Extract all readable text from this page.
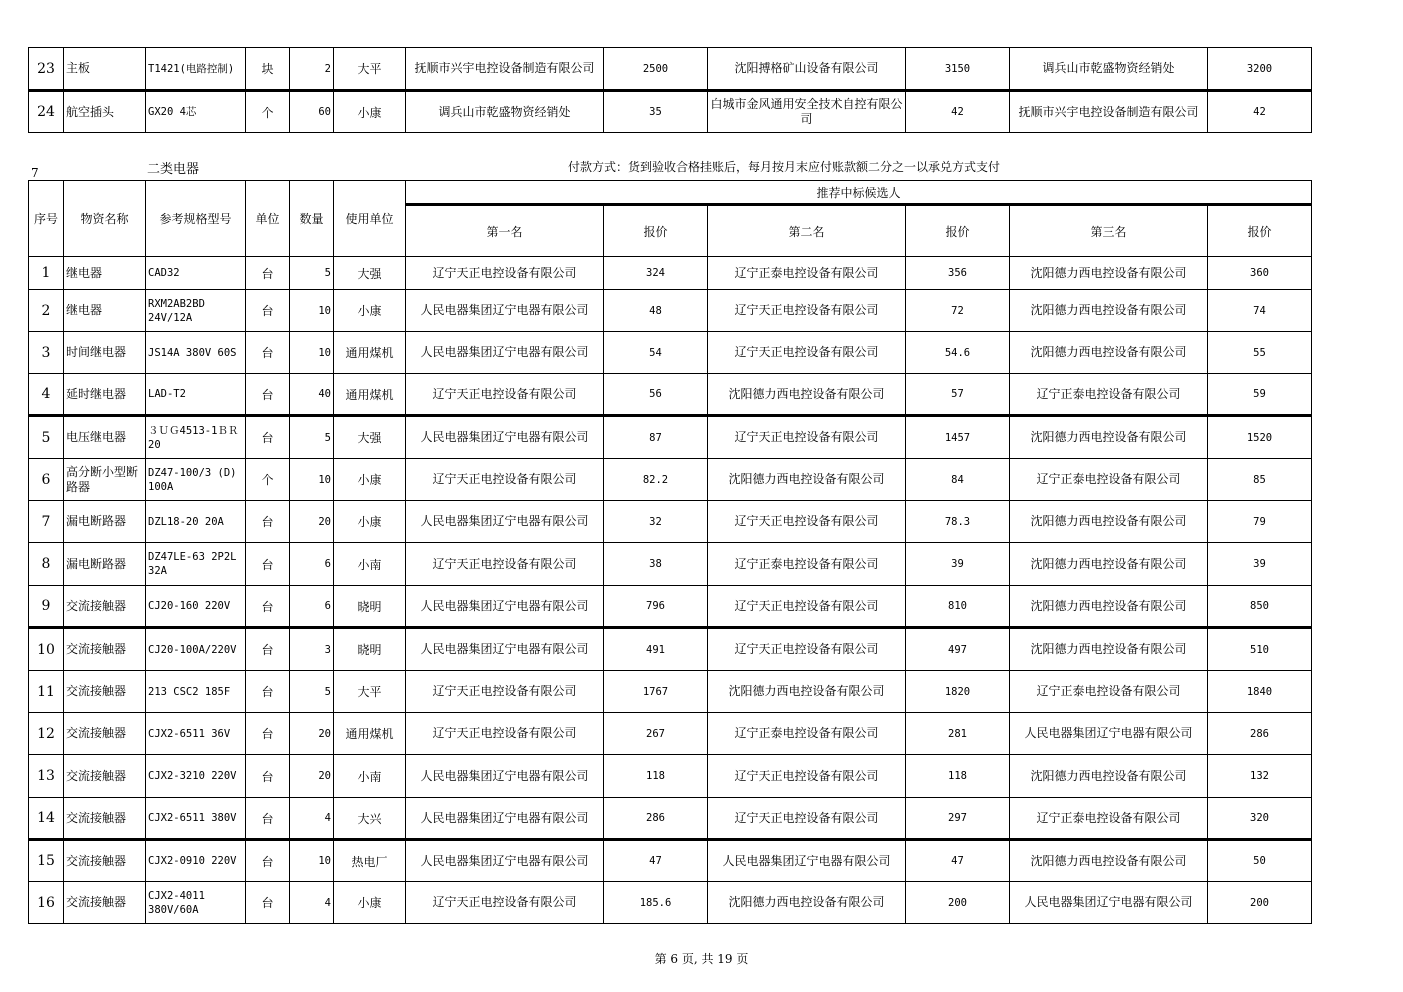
23	主板	T1421(电路控制)	块	2	大平	抚顺市兴宇电控设备制造有限公司	2500	沈阳搏格矿山设备有限公司	3150	调兵山市乾盛物资经销处	3200
24	航空插头	GX20 4芯	个	60	小康	调兵山市乾盛物资经销处	35	白城市金风通用安全技术自控有限公司	42	抚顺市兴宇电控设备制造有限公司	42
7	二类电器	付款方式：货到验收合格挂账后，每月按月末应付账款额二分之一以承兑方式支付
序号	物资名称	参考规格型号	单位	数量	使用单位	推荐中标候选人					
						第一名	报价	第二名	报价	第三名	报价
1	继电器	CAD32	台	5	大强	辽宁天正电控设备有限公司	324	辽宁正泰电控设备有限公司	356	沈阳德力西电控设备有限公司	360
2	继电器	RXM2AB2BD 24V/12A	台	10	小康	人民电器集团辽宁电器有限公司	48	辽宁天正电控设备有限公司	72	沈阳德力西电控设备有限公司	74
3	时间继电器	JS14A 380V 60S	台	10	通用煤机	人民电器集团辽宁电器有限公司	54	辽宁天正电控设备有限公司	54.6	沈阳德力西电控设备有限公司	55
4	延时继电器	LAD-T2	台	40	通用煤机	辽宁天正电控设备有限公司	56	沈阳德力西电控设备有限公司	57	辽宁正泰电控设备有限公司	59
5	电压继电器	３ＵＧ4513-1ＢＲ20	台	5	大强	人民电器集团辽宁电器有限公司	87	辽宁天正电控设备有限公司	1457	沈阳德力西电控设备有限公司	1520
6	高分断小型断路器	DZ47-100/3 (D) 100A	个	10	小康	辽宁天正电控设备有限公司	82.2	沈阳德力西电控设备有限公司	84	辽宁正泰电控设备有限公司	85
7	漏电断路器	DZL18-20 20A	台	20	小康	人民电器集团辽宁电器有限公司	32	辽宁天正电控设备有限公司	78.3	沈阳德力西电控设备有限公司	79
8	漏电断路器	DZ47LE-63 2P2L 32A	台	6	小南	辽宁天正电控设备有限公司	38	辽宁正泰电控设备有限公司	39	沈阳德力西电控设备有限公司	39
9	交流接触器	CJ20-160 220V	台	6	晓明	人民电器集团辽宁电器有限公司	796	辽宁天正电控设备有限公司	810	沈阳德力西电控设备有限公司	850
10	交流接触器	CJ20-100A/220V	台	3	晓明	人民电器集团辽宁电器有限公司	491	辽宁天正电控设备有限公司	497	沈阳德力西电控设备有限公司	510
11	交流接触器	213 CSC2 185F	台	5	大平	辽宁天正电控设备有限公司	1767	沈阳德力西电控设备有限公司	1820	辽宁正泰电控设备有限公司	1840
12	交流接触器	CJX2-6511 36V	台	20	通用煤机	辽宁天正电控设备有限公司	267	辽宁正泰电控设备有限公司	281	人民电器集团辽宁电器有限公司	286
13	交流接触器	CJX2-3210 220V	台	20	小南	人民电器集团辽宁电器有限公司	118	辽宁天正电控设备有限公司	118	沈阳德力西电控设备有限公司	132
14	交流接触器	CJX2-6511 380V	台	4	大兴	人民电器集团辽宁电器有限公司	286	辽宁天正电控设备有限公司	297	辽宁正泰电控设备有限公司	320
15	交流接触器	CJX2-0910 220V	台	10	热电厂	人民电器集团辽宁电器有限公司	47	人民电器集团辽宁电器有限公司	47	沈阳德力西电控设备有限公司	50
16	交流接触器	CJX2-4011 380V/60A	台	4	小康	辽宁天正电控设备有限公司	185.6	沈阳德力西电控设备有限公司	200	人民电器集团辽宁电器有限公司	200
第 6 页, 共 19 页
